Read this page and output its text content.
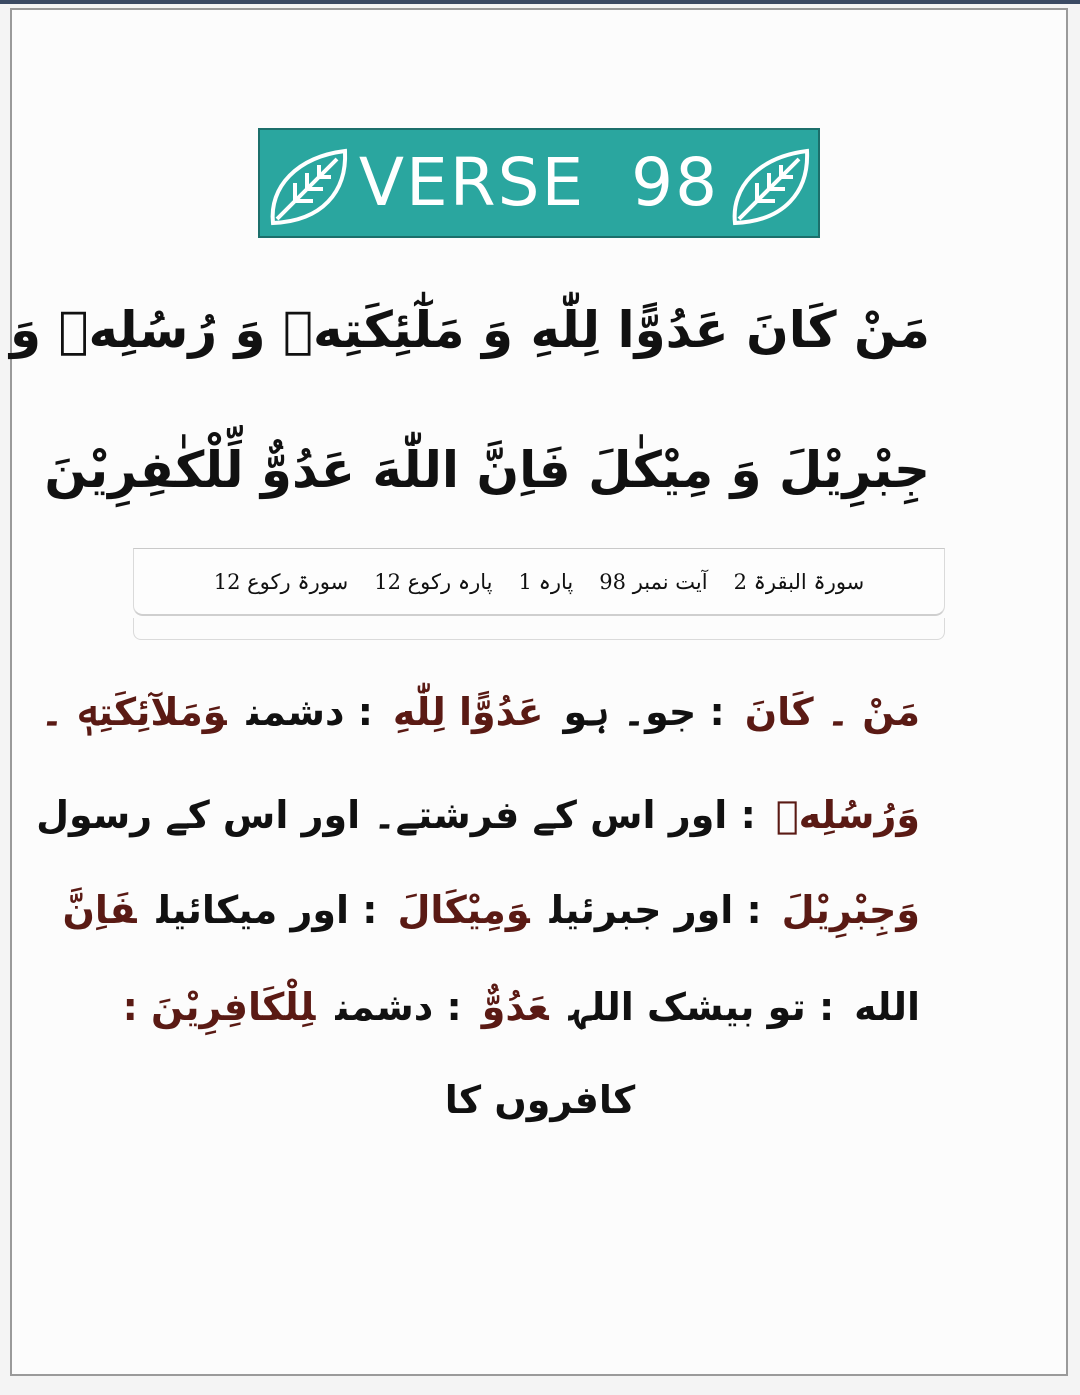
VERSE  98
مَنْ كَانَ عَدُوًّا لِلّٰهِ وَ مَلٰٓئِكَتِهٖ وَ رُسُلِهٖ وَ
جِبْرِيْلَ وَ مِيْكٰلَ فَاِنَّ اللّٰهَ عَدُوٌّ لِّلْكٰفِرِيْنَ
سورۃ البقرۃ 2
آیت نمبر 98
پارہ 1
پارہ رکوع 12
سورۃ رکوع 12
مَنْ ۔ كَانَ: جو۔ ہوعَدُوًّا لِلّٰهِ: دشمنوَمَلآئِكَتِهٖ ۔
وَرُسُلِهٖ: اور اس کے فرشتے۔ اور اس کے رسول
وَجِبْرِيْلَ: اور جبرئیلوَمِيْكَالَ: اور میکائیلفَاِنَّ
الله: تو بیشک اللہعَدُوٌّ: دشمنلِلْكَافِرِيْنَ :
کافروں کا
